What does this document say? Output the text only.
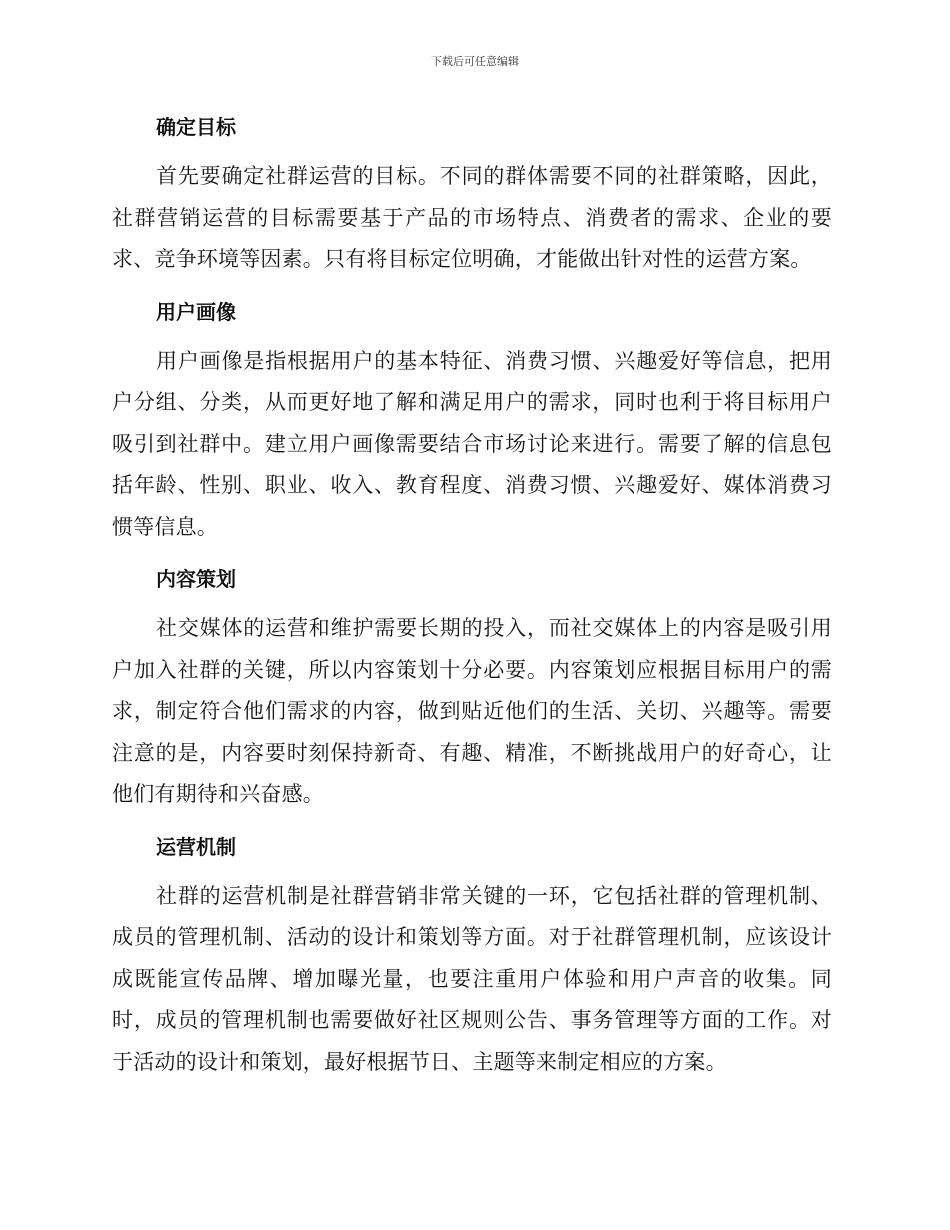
下载后可任意编辑
确定目标

首先要确定社群运营的目标。不同的群体需要不同的社群策略，因此，社群营销运营的目标需要基于产品的市场特点、消费者的需求、企业的要求、竞争环境等因素。只有将目标定位明确，才能做出针对性的运营方案。

用户画像

用户画像是指根据用户的基本特征、消费习惯、兴趣爱好等信息，把用户分组、分类，从而更好地了解和满足用户的需求，同时也利于将目标用户吸引到社群中。建立用户画像需要结合市场讨论来进行。需要了解的信息包括年龄、性别、职业、收入、教育程度、消费习惯、兴趣爱好、媒体消费习惯等信息。

内容策划

社交媒体的运营和维护需要长期的投入，而社交媒体上的内容是吸引用户加入社群的关键，所以内容策划十分必要。内容策划应根据目标用户的需求，制定符合他们需求的内容，做到贴近他们的生活、关切、兴趣等。需要注意的是，内容要时刻保持新奇、有趣、精准，不断挑战用户的好奇心，让他们有期待和兴奋感。

运营机制

社群的运营机制是社群营销非常关键的一环，它包括社群的管理机制、成员的管理机制、活动的设计和策划等方面。对于社群管理机制，应该设计成既能宣传品牌、增加曝光量，也要注重用户体验和用户声音的收集。同时，成员的管理机制也需要做好社区规则公告、事务管理等方面的工作。对于活动的设计和策划，最好根据节日、主题等来制定相应的方案。
